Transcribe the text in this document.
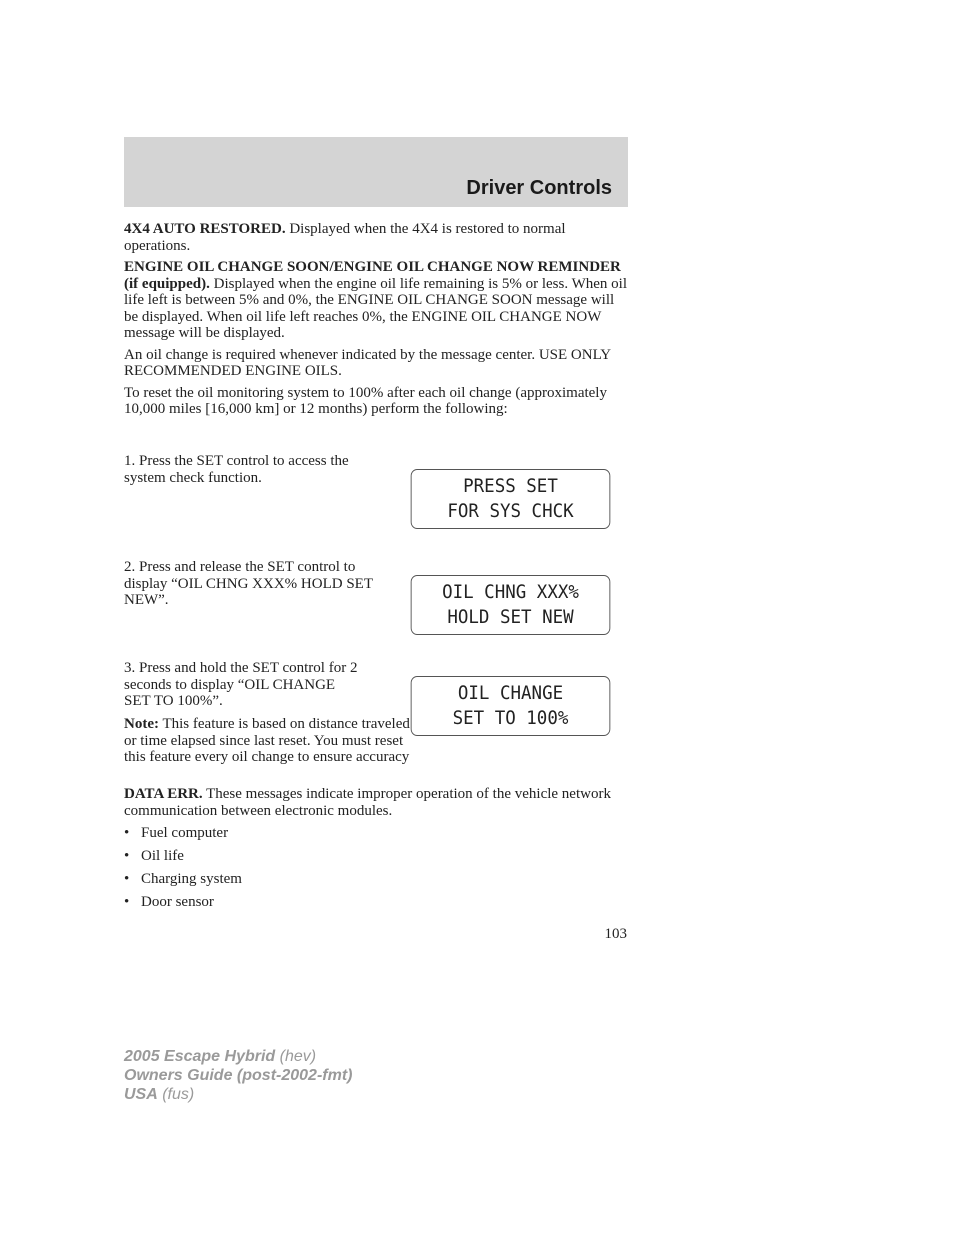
Driver Controls

4X4 AUTO RESTORED. Displayed when the 4X4 is restored to normal operations.

ENGINE OIL CHANGE SOON/ENGINE OIL CHANGE NOW REMINDER (if equipped). Displayed when the engine oil life remaining is 5% or less. When oil life left is between 5% and 0%, the ENGINE OIL CHANGE SOON message will be displayed. When oil life left reaches 0%, the ENGINE OIL CHANGE NOW message will be displayed.

An oil change is required whenever indicated by the message center. USE ONLY RECOMMENDED ENGINE OILS.

To reset the oil monitoring system to 100% after each oil change (approximately 10,000 miles [16,000 km] or 12 months) perform the following:

1. Press the SET control to access the system check function.	PRESS SET
FOR SYS CHCK

2. Press and release the SET control to display “OIL CHNG XXX% HOLD SET NEW”.	OIL CHNG XXX%
HOLD SET NEW

3. Press and hold the SET control for 2 seconds to display “OIL CHANGE SET TO 100%”.	OIL CHANGE
SET TO 100%

Note: This feature is based on distance traveled or time elapsed since last reset. You must reset this feature every oil change to ensure accuracy

DATA ERR. These messages indicate improper operation of the vehicle network communication between electronic modules.

• Fuel computer
• Oil life
• Charging system
• Door sensor
103
2005 Escape Hybrid (hev)
Owners Guide (post-2002-fmt)
USA (fus)
